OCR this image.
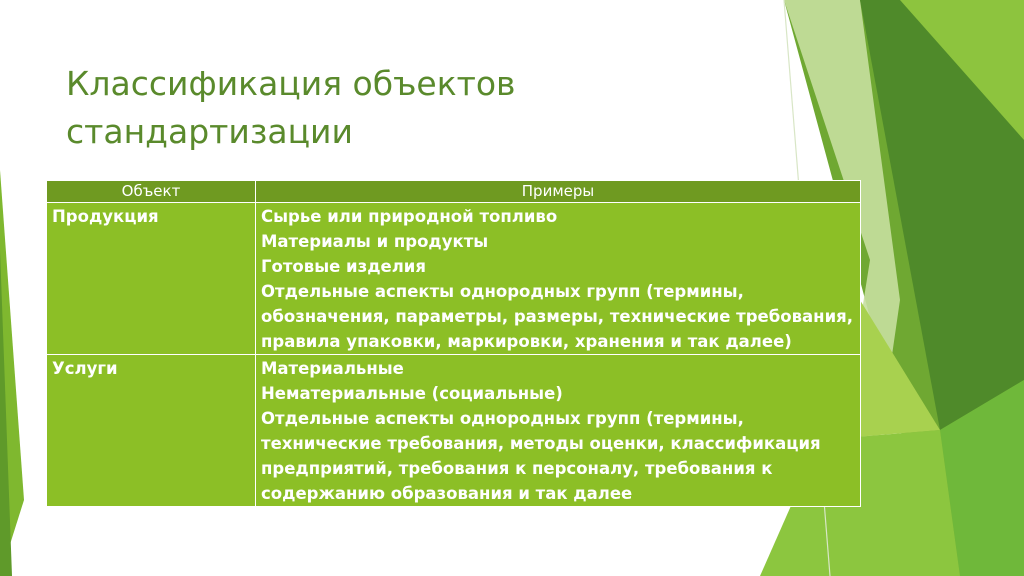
Классификация объектов
стандартизации
Объект	Примеры
Продукция	Сырье или природной топливо
Материалы и продукты
Готовые изделия
Отдельные аспекты однородных групп (термины, обозначения, параметры, размеры, технические требования, правила упаковки, маркировки, хранения и так далее)

Услуги	Материальные
Нематериальные (социальные)
Отдельные аспекты однородных групп (термины, технические требования, методы оценки, классификация предприятий, требования к персоналу, требования к содержанию образования и так далее
